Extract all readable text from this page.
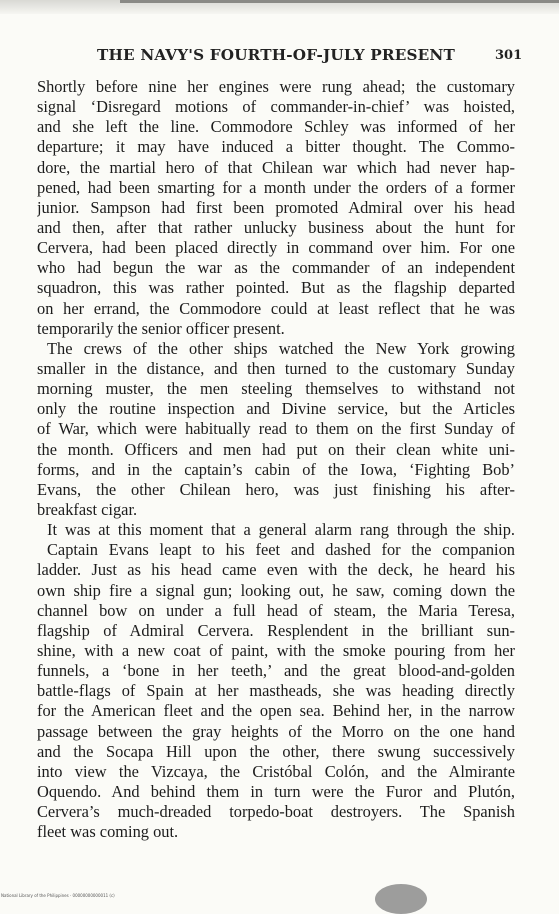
THE NAVY'S FOURTH-OF-JULY PRESENT	301
Shortly before nine her engines were rung ahead; the customary
signal ‘Disregard motions of commander-in-chief’ was hoisted,
and she left the line. Commodore Schley was informed of her
departure; it may have induced a bitter thought. The Commo-
dore, the martial hero of that Chilean war which had never hap-
pened, had been smarting for a month under the orders of a former
junior. Sampson had first been promoted Admiral over his head
and then, after that rather unlucky business about the hunt for
Cervera, had been placed directly in command over him. For one
who had begun the war as the commander of an independent
squadron, this was rather pointed. But as the flagship departed
on her errand, the Commodore could at least reflect that he was
temporarily the senior officer present.
The crews of the other ships watched the New York growing
smaller in the distance, and then turned to the customary Sunday
morning muster, the men steeling themselves to withstand not
only the routine inspection and Divine service, but the Articles
of War, which were habitually read to them on the first Sunday of
the month. Officers and men had put on their clean white uni-
forms, and in the captain’s cabin of the Iowa, ‘Fighting Bob’
Evans, the other Chilean hero, was just finishing his after-
breakfast cigar.
It was at this moment that a general alarm rang through the ship.
Captain Evans leapt to his feet and dashed for the companion
ladder. Just as his head came even with the deck, he heard his
own ship fire a signal gun; looking out, he saw, coming down the
channel bow on under a full head of steam, the Maria Teresa,
flagship of Admiral Cervera. Resplendent in the brilliant sun-
shine, with a new coat of paint, with the smoke pouring from her
funnels, a ‘bone in her teeth,’ and the great blood-and-golden
battle-flags of Spain at her mastheads, she was heading directly
for the American fleet and the open sea. Behind her, in the narrow
passage between the gray heights of the Morro on the one hand
and the Socapa Hill upon the other, there swung successively
into view the Vizcaya, the Cristóbal Colón, and the Almirante
Oquendo. And behind them in turn were the Furor and Plutón,
Cervera’s much-dreaded torpedo-boat destroyers. The Spanish
fleet was coming out.
National Library of the Philippines · 00000000000011 (c)
